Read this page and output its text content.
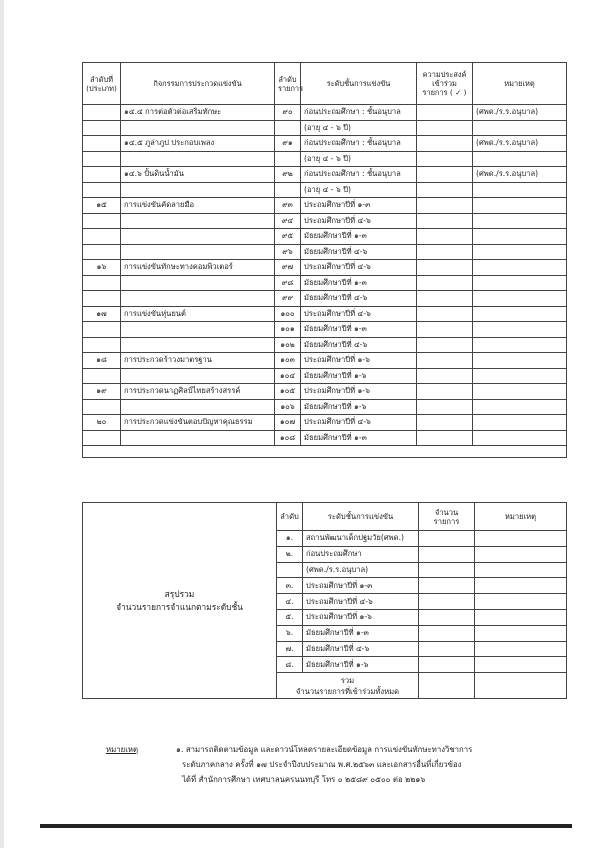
ลำดับที่ (ประเภท)	กิจกรรมการประกวดแข่งขัน	ลำดับ รายการ	ระดับชั้นการแข่งขัน	ความประสงค์ เข้าร่วม รายการ ( ✓ )	หมายเหตุ
	๑๔.๔ การต่อตัวต่อเสริมทักษะ	๙๐	ก่อนประถมศึกษา : ชั้นอนุบาล		(ศพด./ร.ร.อนุบาล)
			(อายุ ๔ - ๖ ปี)		
	๑๔.๕ ภูล่าภูป ประกอบเพลง	๙๑	ก่อนประถมศึกษา : ชั้นอนุบาล		(ศพด./ร.ร.อนุบาล)
			(อายุ ๔ - ๖ ปี)		
	๑๔.๖ ปั้นดินน้ำมัน	๙๒	ก่อนประถมศึกษา : ชั้นอนุบาล		(ศพด./ร.ร.อนุบาล)
			(อายุ ๔ - ๖ ปี)		
๑๕	การแข่งขันคัดลายมือ	๙๓	ประถมศึกษาปีที่ ๑-๓		
		๙๔	ประถมศึกษาปีที่ ๔-๖		
		๙๕	มัธยมศึกษาปีที่ ๑-๓		
		๙๖	มัธยมศึกษาปีที่ ๔-๖		
๑๖	การแข่งขันทักษะทางคอมพิวเตอร์	๙๗	ประถมศึกษาปีที่ ๔-๖		
		๙๘	มัธยมศึกษาปีที่ ๑-๓		
		๙๙	มัธยมศึกษาปีที่ ๔-๖		
๑๗	การแข่งขันหุ่นยนต์	๑๐๐	ประถมศึกษาปีที่ ๔-๖		
		๑๐๑	มัธยมศึกษาปีที่ ๑-๓		
		๑๐๒	มัธยมศึกษาปีที่ ๔-๖		
๑๘	การประกวดร้าวงมาตรฐาน	๑๐๓	ประถมศึกษาปีที่ ๑-๖		
		๑๐๔	มัธยมศึกษาปีที่ ๑-๖		
๑๙	การประกวดนาฏศิลป์ไทยสร้างสรรค์	๑๐๕	ประถมศึกษาปีที่ ๑-๖		
		๑๐๖	มัธยมศึกษาปีที่ ๑-๖		
๒๐	การประกวดแข่งขันตอบปัญหาคุณธรรม	๑๐๗	ประถมศึกษาปีที่ ๔-๖		
		๑๐๘	มัธยมศึกษาปีที่ ๑-๓		

สรุปรวม
จำนวนรายการจำแนกตามระดับชั้น	ลำดับ	ระดับชั้นการแข่งขัน	จำนวน รายการ	หมายเหตุ
	๑.	สถานพัฒนาเด็กปฐมวัย(ศพด.)		
	๒.	ก่อนประถมศึกษา		
		(ศพด./ร.ร.อนุบาล)		
	๓.	ประถมศึกษาปีที่ ๑-๓		
	๔.	ประถมศึกษาปีที่ ๔-๖		
	๕.	ประถมศึกษาปีที่ ๑-๖		
	๖.	มัธยมศึกษาปีที่ ๑-๓		
	๗.	มัธยมศึกษาปีที่ ๔-๖		
	๘.	มัธยมศึกษาปีที่ ๑-๖		

	รวม
จำนวนรายการที่เข้าร่วมทั้งหมด			

หมายเหตุ	๑. สามารถติดตามข้อมูล และดาวน์โหลดรายละเอียดข้อมูล การแข่งขันทักษะทางวิชาการ
ระดับภาคกลาง ครั้งที่ ๑๗ ประจำปีงบประมาณ พ.ศ.๒๕๖๓ และเอกสารอื่นที่เกี่ยวข้อง
ได้ที่ สำนักการศึกษา เทศบาลนครนนทบุรี โทร ๐ ๒๕๘๙ ๐๕๐๐ ต่อ ๒๒๑๖
